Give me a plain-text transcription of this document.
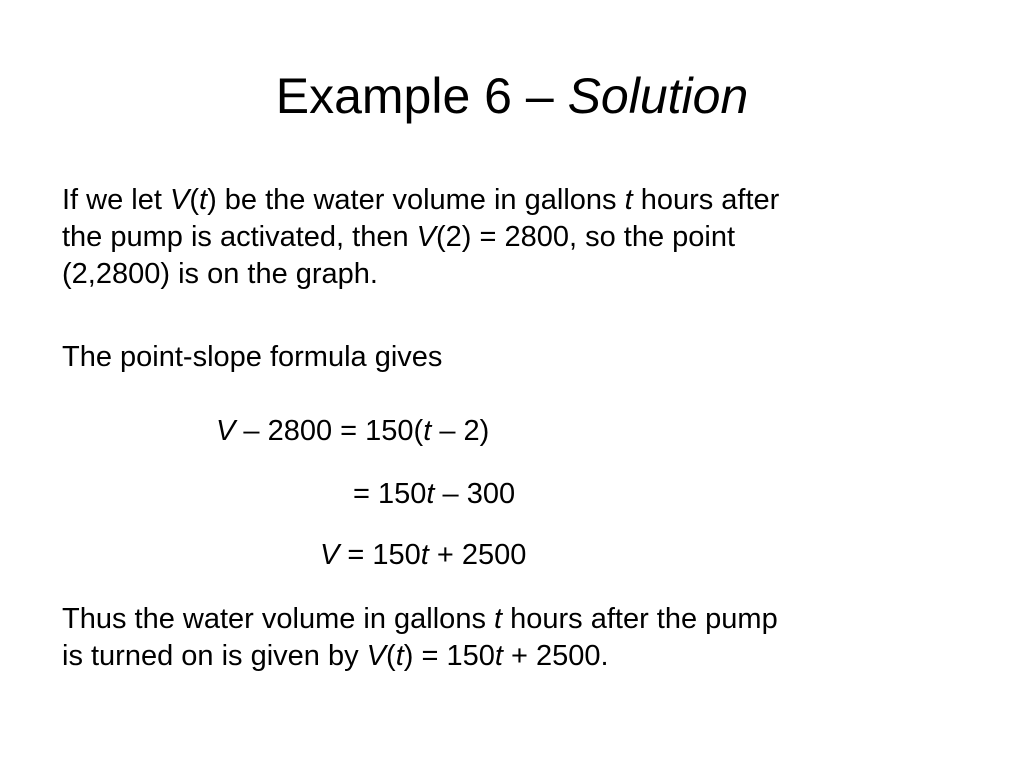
Example 6 – Solution
If we let V(t) be the water volume in gallons t hours after
the pump is activated, then V(2) = 2800, so the point
(2,2800) is on the graph.
The point-slope formula gives
V – 2800 = 150(t – 2)
= 150t – 300
V = 150t + 2500
Thus the water volume in gallons t hours after the pump
is turned on is given by V(t) = 150t + 2500.
